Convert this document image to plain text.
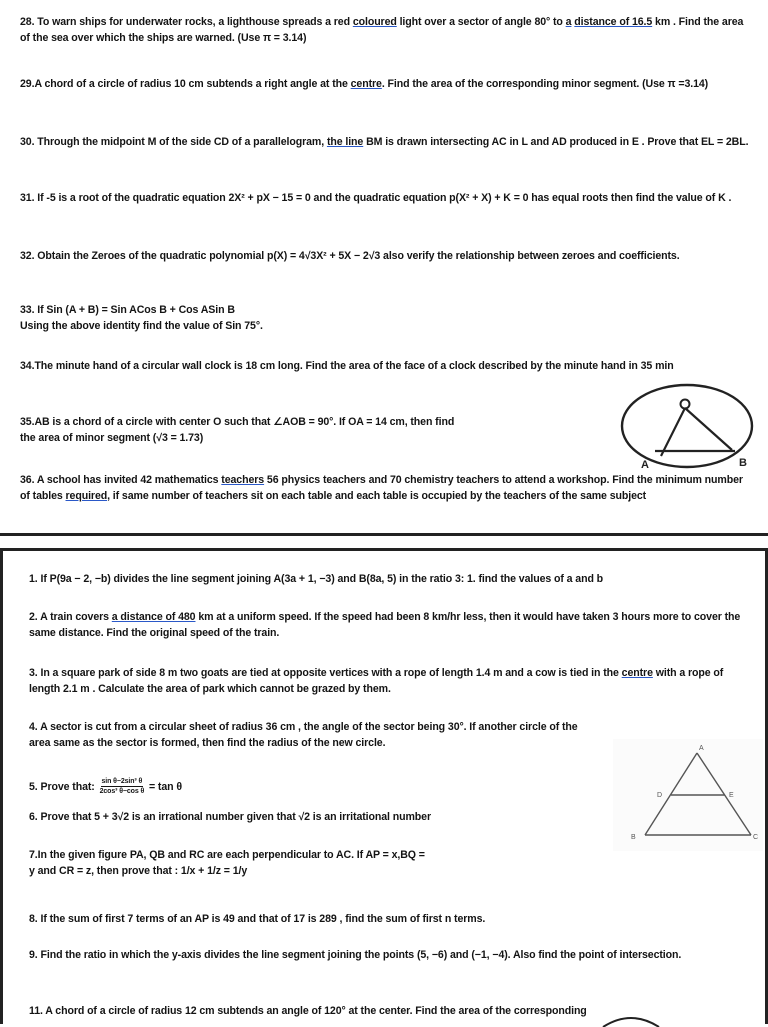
28. To warn ships for underwater rocks, a lighthouse spreads a red coloured light over a sector of angle 80° to a distance of 16.5 km . Find the area of the sea over which the ships are warned. (Use π = 3.14)

29.A chord of a circle of radius 10 cm subtends a right angle at the centre. Find the area of the corresponding minor segment. (Use π =3.14)

30. Through the midpoint M of the side CD of a parallelogram, the line BM is drawn intersecting AC in L and AD produced in E . Prove that EL = 2BL.

31. If -5 is a root of the quadratic equation 2X² + pX − 15 = 0 and the quadratic equation p(X² + X) + K = 0 has equal roots then find the value of K .

32. Obtain the Zeroes of the quadratic polynomial p(X) = 4√3X² + 5X − 2√3 also verify the relationship between zeroes and coefficients.

33. If Sin (A + B) = Sin ACos B + Cos ASin B
Using the above identity find the value of Sin 75°.

34.The minute hand of a circular wall clock is 18 cm long. Find the area of the face of a clock described by the minute hand in 35 min

35.AB is a chord of a circle with center O such that ∠AOB = 90°. If OA = 14 cm, then find
the area of minor segment (√3 = 1.73)

36. A school has invited 42 mathematics teachers 56 physics teachers and 70 chemistry teachers to attend a workshop. Find the minimum number of tables required, if same number of teachers sit on each table and each table is occupied by the teachers of the same subject

A	B

1. If P(9a − 2, −b) divides the line segment joining A(3a + 1, −3) and B(8a, 5) in the ratio 3: 1. find the values of a and b

2. A train covers a distance of 480 km at a uniform speed. If the speed had been 8 km/hr less, then it would have taken 3 hours more to cover the same distance. Find the original speed of the train.

3. In a square park of side 8 m two goats are tied at opposite vertices with a rope of length 1.4 m and a cow is tied in the centre with a rope of length 2.1 m . Calculate the area of park which cannot be grazed by them.

4. A sector is cut from a circular sheet of radius 36 cm , the angle of the sector being 30°. If another circle of the area same as the sector is formed, then find the radius of the new circle.

5. Prove that: $\frac{\text{sin θ−2sin³ θ}}{\text{2cos³ θ−cos θ}} = \tan \theta$

6. Prove that 5 + 3√2 is an irrational number given that √2 is an irritational number

7.In the given figure PA, QB and RC are each perpendicular to AC. If AP = x,BQ =
y and CR = z, then prove that : 1/x + 1/z = 1/y

8. If the sum of first 7 terms of an AP is 49 and that of 17 is 289 , find the sum of first n terms.

9. Find the ratio in which the y-axis divides the line segment joining the points (5, −6) and (−1, −4). Also find the point of intersection.

11. A chord of a circle of radius 12 cm subtends an angle of 120° at the center. Find the area of the corresponding

A
D	E
B	C
